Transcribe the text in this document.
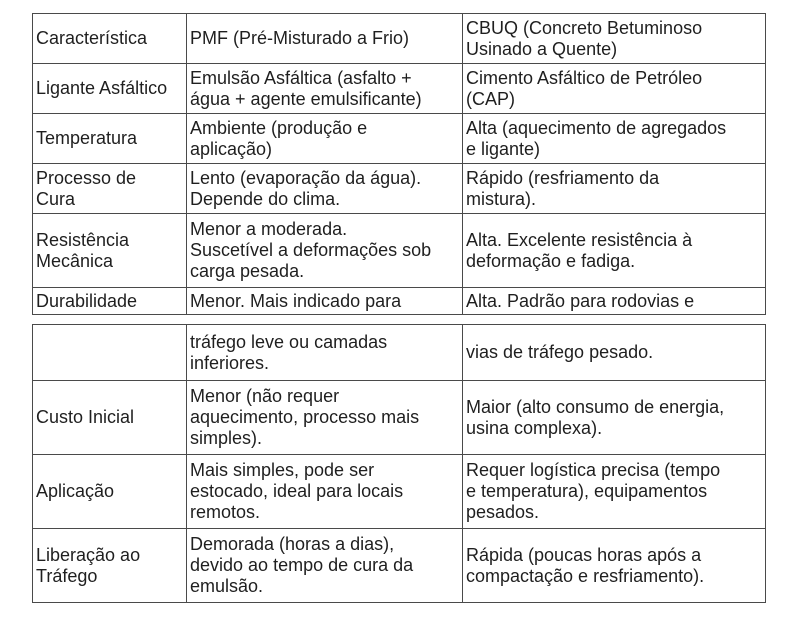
Característica	PMF (Pré-Misturado a Frio)	CBUQ (Concreto Betuminoso
Usinado a Quente)
Ligante Asfáltico	Emulsão Asfáltica (asfalto +
água + agente emulsificante)	Cimento Asfáltico de Petróleo
(CAP)
Temperatura	Ambiente (produção e
aplicação)	Alta (aquecimento de agregados
e ligante)
Processo de
Cura	Lento (evaporação da água).
Depende do clima.	Rápido (resfriamento da
mistura).
Resistência
Mecânica	Menor a moderada.
Suscetível a deformações sob
carga pesada.	Alta. Excelente resistência à
deformação e fadiga.
Durabilidade	Menor. Mais indicado para	Alta. Padrão para rodovias e
	tráfego leve ou camadas
inferiores.	vias de tráfego pesado.
Custo Inicial	Menor (não requer
aquecimento, processo mais
simples).	Maior (alto consumo de energia,
usina complexa).
Aplicação	Mais simples, pode ser
estocado, ideal para locais
remotos.	Requer logística precisa (tempo
e temperatura), equipamentos
pesados.
Liberação ao
Tráfego	Demorada (horas a dias),
devido ao tempo de cura da
emulsão.	Rápida (poucas horas após a
compactação e resfriamento).
